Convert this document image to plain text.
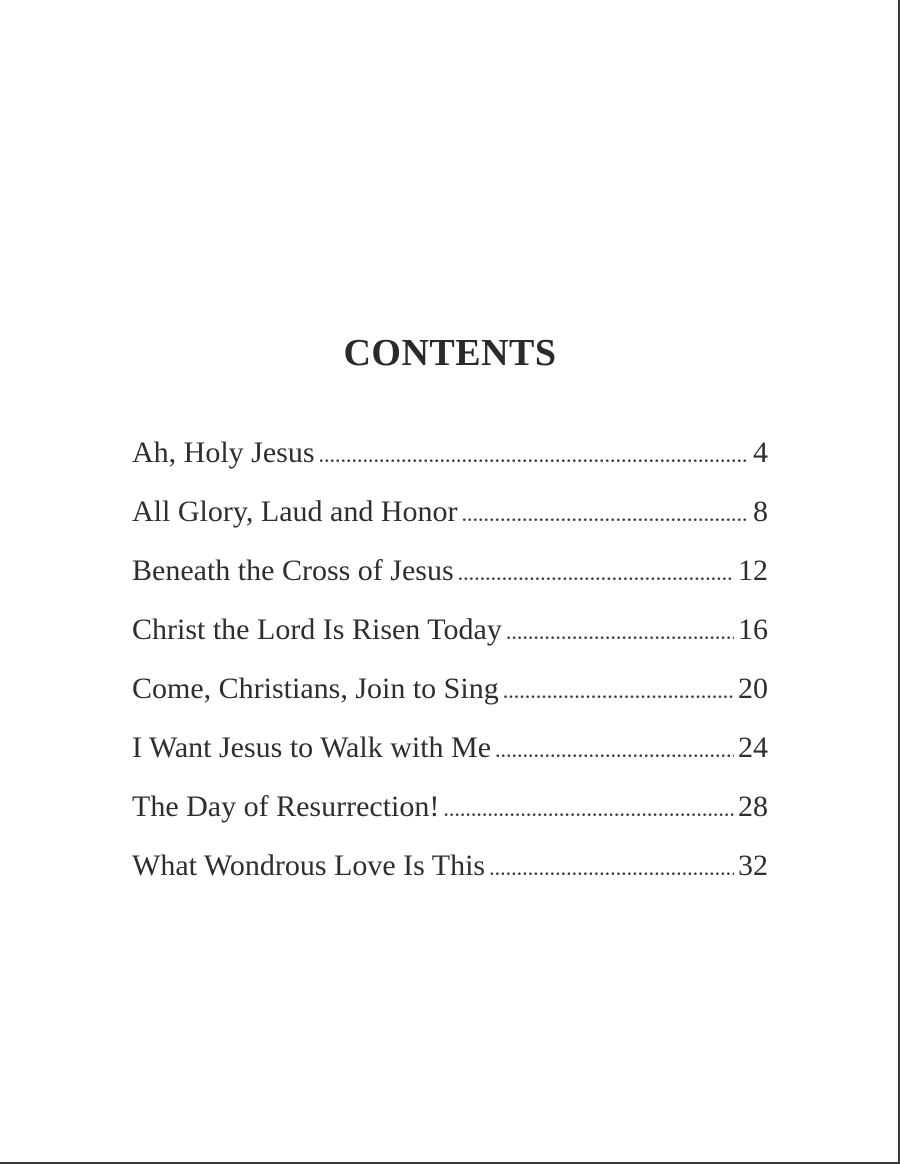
CONTENTS
Ah, Holy Jesus .....	4
All Glory, Laud and Honor .....	8
Beneath the Cross of Jesus .....	12
Christ the Lord Is Risen Today .....	16
Come, Christians, Join to Sing .....	20
I Want Jesus to Walk with Me .....	24
The Day of Resurrection! .....	28
What Wondrous Love Is This .....	32
